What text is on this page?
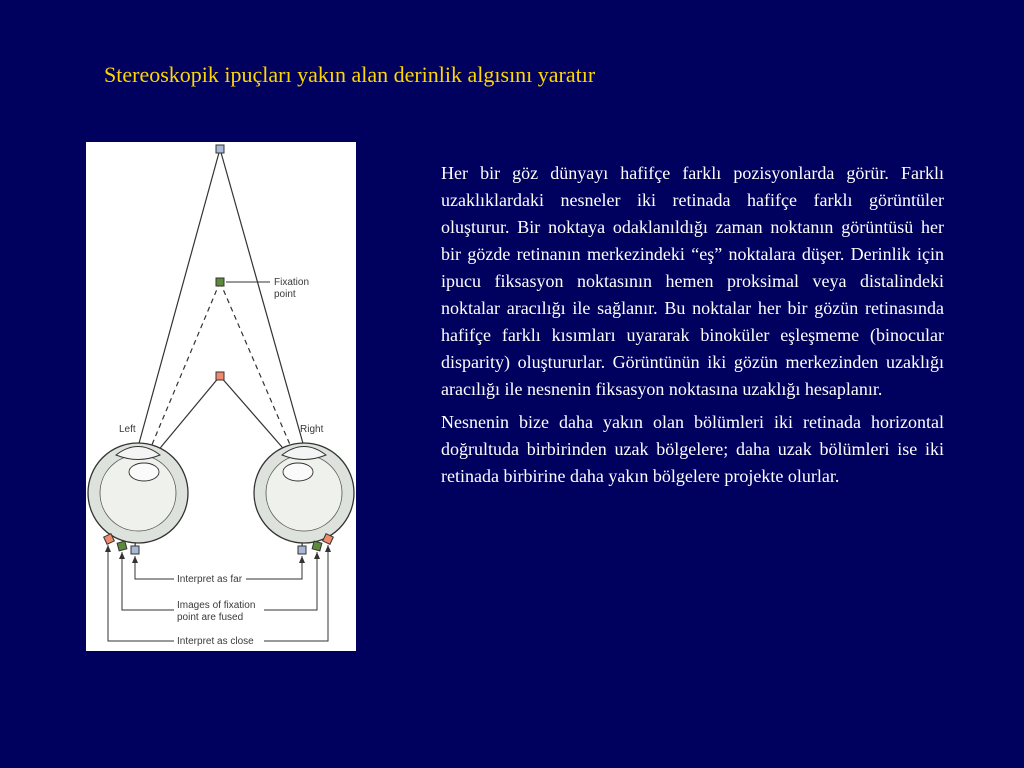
Stereoskopik ipuçları yakın alan derinlik algısını yaratır
Fixation
point
Left	Right
Interpret as far
Images of fixation
point are fused
Interpret as close

Her bir göz dünyayı hafifçe farklı pozisyonlarda görür. Farklı uzaklıklardaki nesneler iki retinada hafifçe farklı görüntüler oluşturur. Bir noktaya odaklanıldığı zaman noktanın görüntüsü her bir gözde retinanın merkezindeki “eş” noktalara düşer. Derinlik için ipucu fiksasyon noktasının hemen proksimal veya distalindeki noktalar aracılığı ile sağlanır. Bu noktalar her bir gözün retinasında hafifçe farklı kısımları uyararak binoküler eşleşmeme (binocular disparity) oluştururlar. Görüntünün iki gözün merkezinden uzaklığı aracılığı ile nesnenin fiksasyon noktasına uzaklığı hesaplanır.

Nesnenin bize daha yakın olan bölümleri iki retinada horizontal doğrultuda birbirinden uzak bölgelere; daha uzak bölümleri ise iki retinada birbirine daha yakın bölgelere projekte olurlar.
